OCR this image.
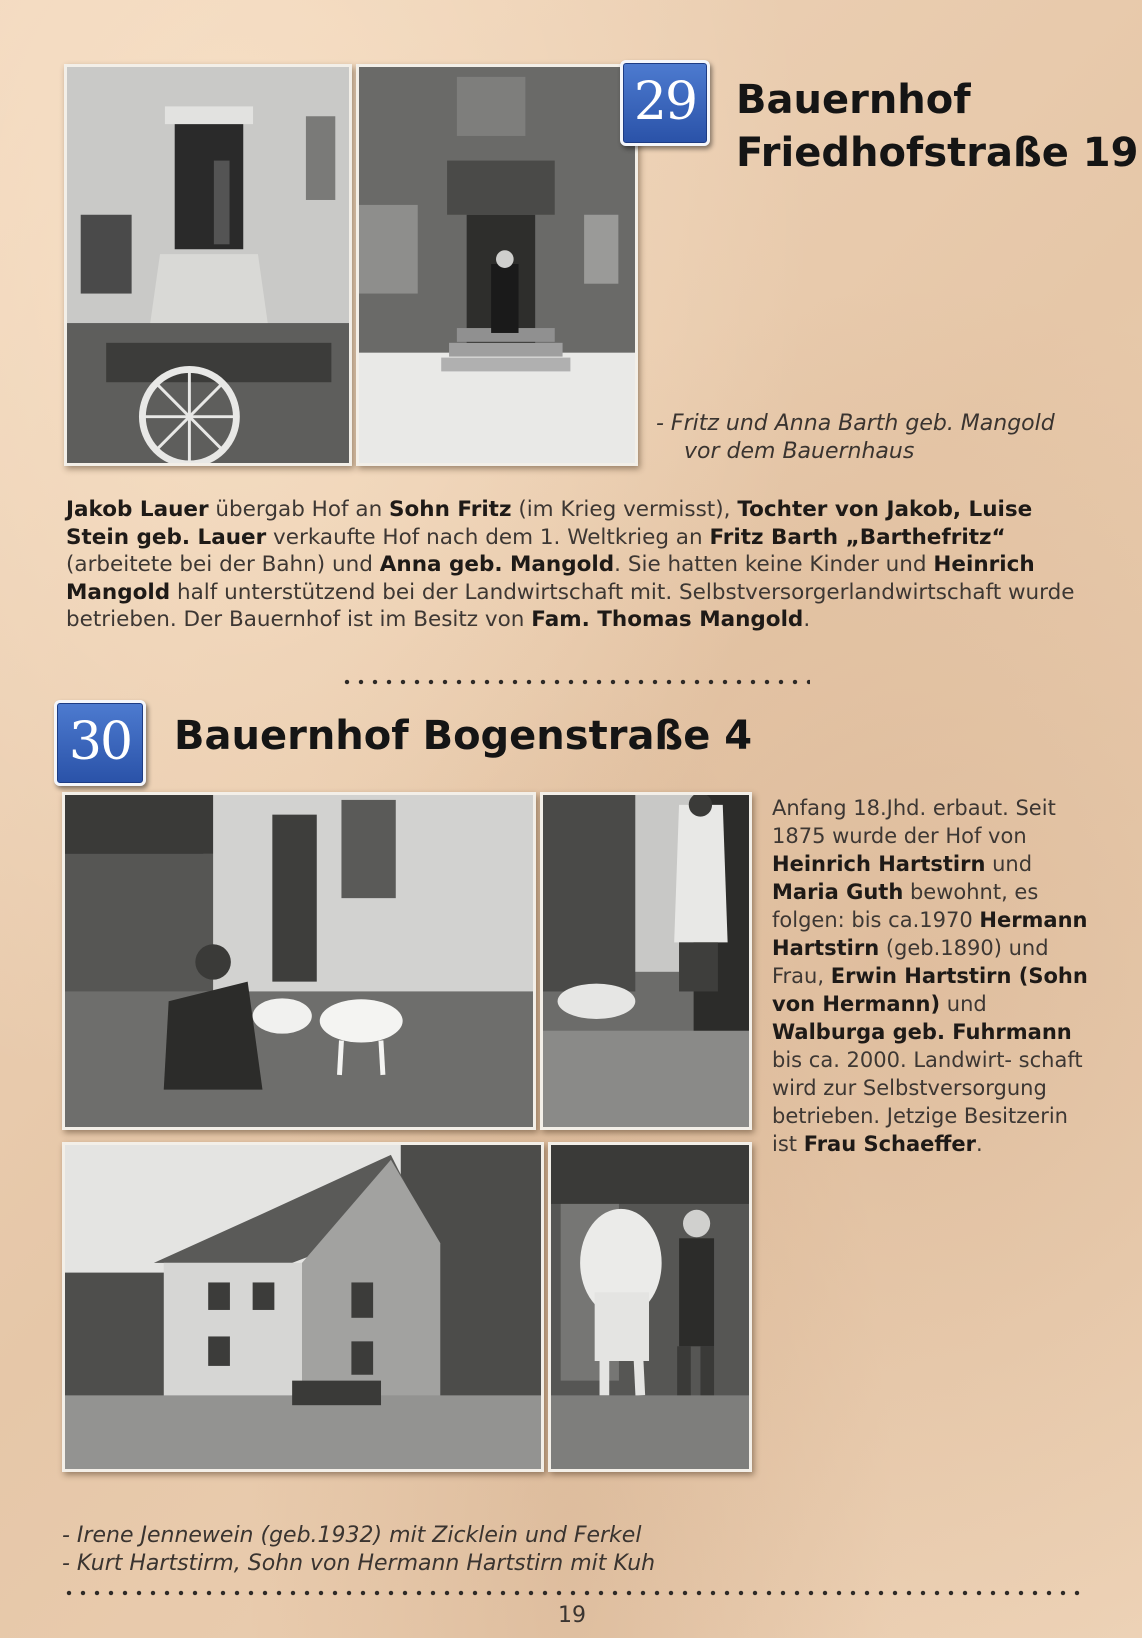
29 Bauernhof
Friedhofstraße 19
- Fritz und Anna Barth geb. Mangold
vor dem Bauernhaus
Jakob Lauer übergab Hof an Sohn Fritz (im Krieg vermisst), Tochter von Jakob, Luise Stein geb. Lauer verkaufte Hof nach dem 1. Weltkrieg an Fritz Barth „Barthefritz“ (arbeitete bei der Bahn) und Anna geb. Mangold. Sie hatten keine Kinder und Heinrich Mangold half unterstützend bei der Landwirtschaft mit. Selbstversorgerlandwirtschaft wurde betrieben. Der Bauernhof ist im Besitz von Fam. Thomas Mangold.
30	Bauernhof Bogenstraße 4
Anfang 18.Jhd. erbaut. Seit 1875 wurde der Hof von Heinrich Hartstirn und Maria Guth bewohnt, es folgen: bis ca.1970 Hermann Hartstirn (geb.1890) und Frau, Erwin Hartstirn (Sohn von Hermann) und Walburga geb. Fuhrmann bis ca. 2000. Landwirt- schaft wird zur Selbstversorgung betrieben. Jetzige Besitzerin ist Frau Schaeffer.
- Irene Jennewein (geb.1932) mit Zicklein und Ferkel
- Kurt Hartstirm, Sohn von Hermann Hartstirn mit Kuh
19
